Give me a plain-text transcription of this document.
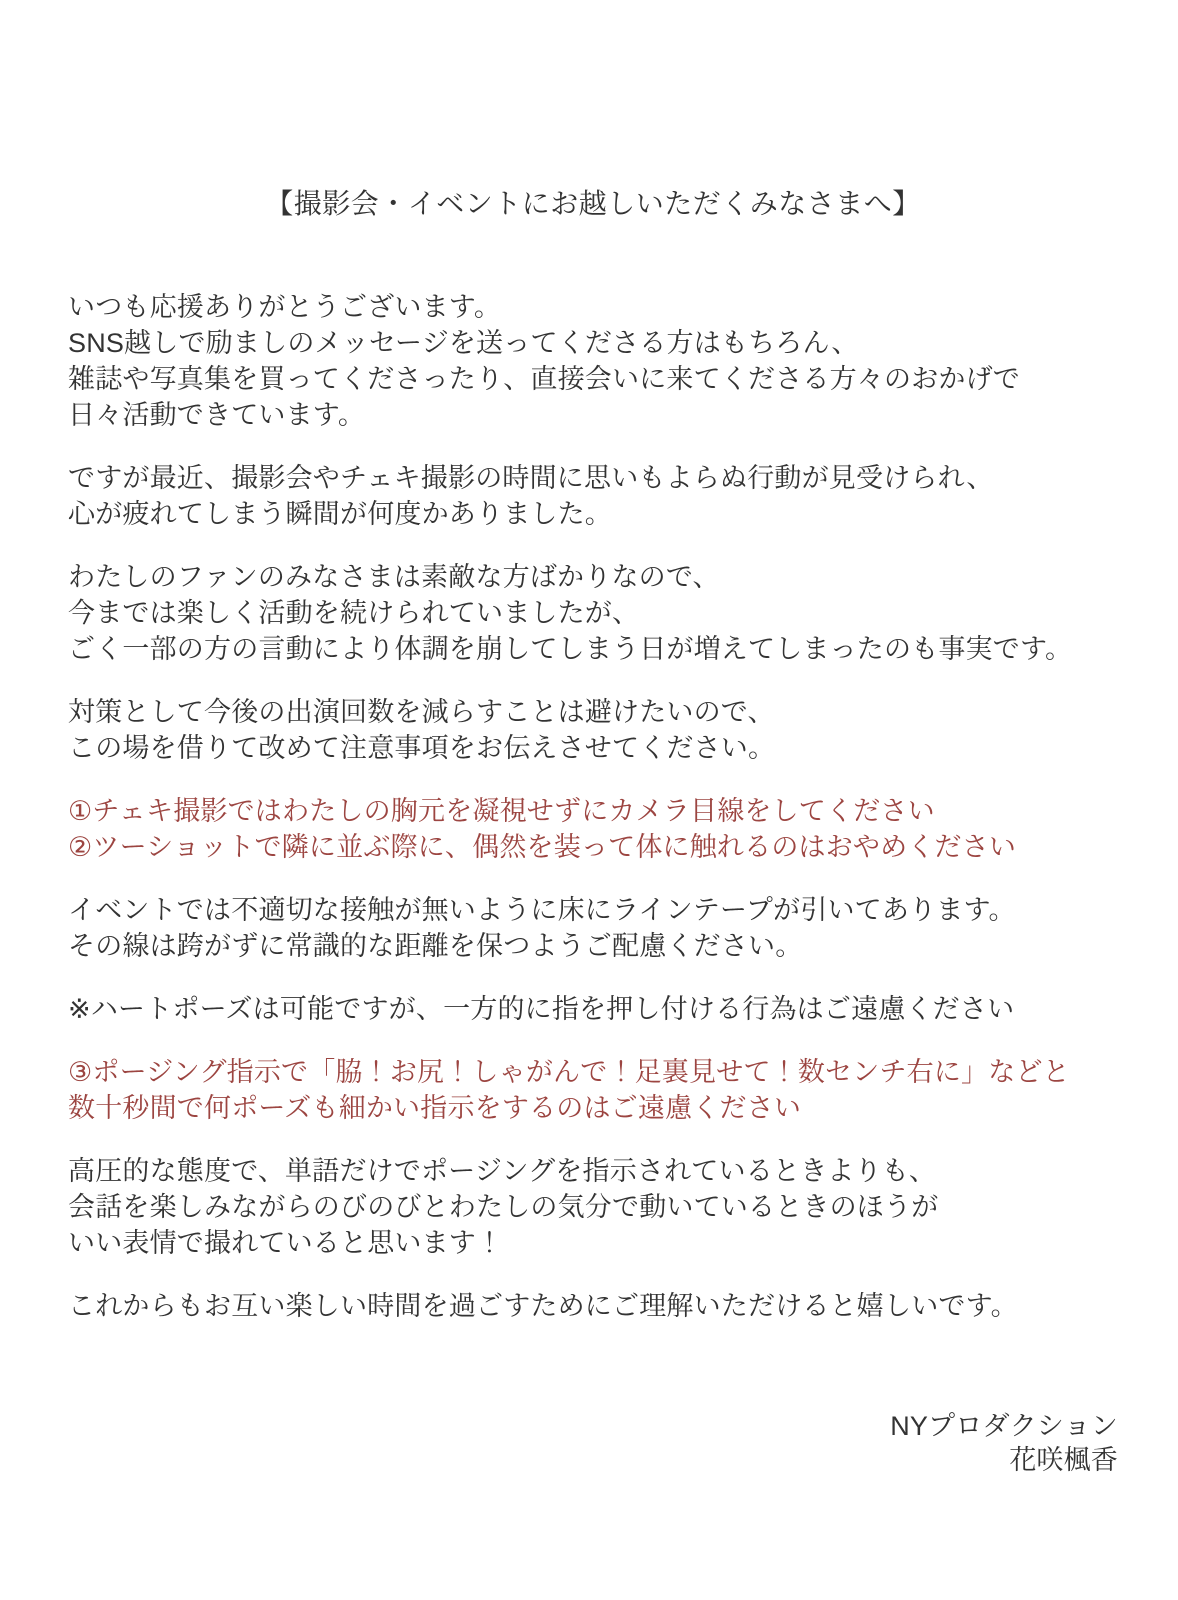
【撮影会・イベントにお越しいただくみなさまへ】
いつも応援ありがとうございます。
SNS越しで励ましのメッセージを送ってくださる方はもちろん、
雑誌や写真集を買ってくださったり、直接会いに来てくださる方々のおかげで
日々活動できています。
ですが最近、撮影会やチェキ撮影の時間に思いもよらぬ行動が見受けられ、
心が疲れてしまう瞬間が何度かありました。
わたしのファンのみなさまは素敵な方ばかりなので、
今までは楽しく活動を続けられていましたが、
ごく一部の方の言動により体調を崩してしまう日が増えてしまったのも事実です。
対策として今後の出演回数を減らすことは避けたいので、
この場を借りて改めて注意事項をお伝えさせてください。
①チェキ撮影ではわたしの胸元を凝視せずにカメラ目線をしてください
②ツーショットで隣に並ぶ際に、偶然を装って体に触れるのはおやめください
イベントでは不適切な接触が無いように床にラインテープが引いてあります。
その線は跨がずに常識的な距離を保つようご配慮ください。
※ハートポーズは可能ですが、一方的に指を押し付ける行為はご遠慮ください
③ポージング指示で「脇！お尻！しゃがんで！足裏見せて！数センチ右に」などと
数十秒間で何ポーズも細かい指示をするのはご遠慮ください
高圧的な態度で、単語だけでポージングを指示されているときよりも、
会話を楽しみながらのびのびとわたしの気分で動いているときのほうが
いい表情で撮れていると思います！
これからもお互い楽しい時間を過ごすためにご理解いただけると嬉しいです。
NYプロダクション
花咲楓香
